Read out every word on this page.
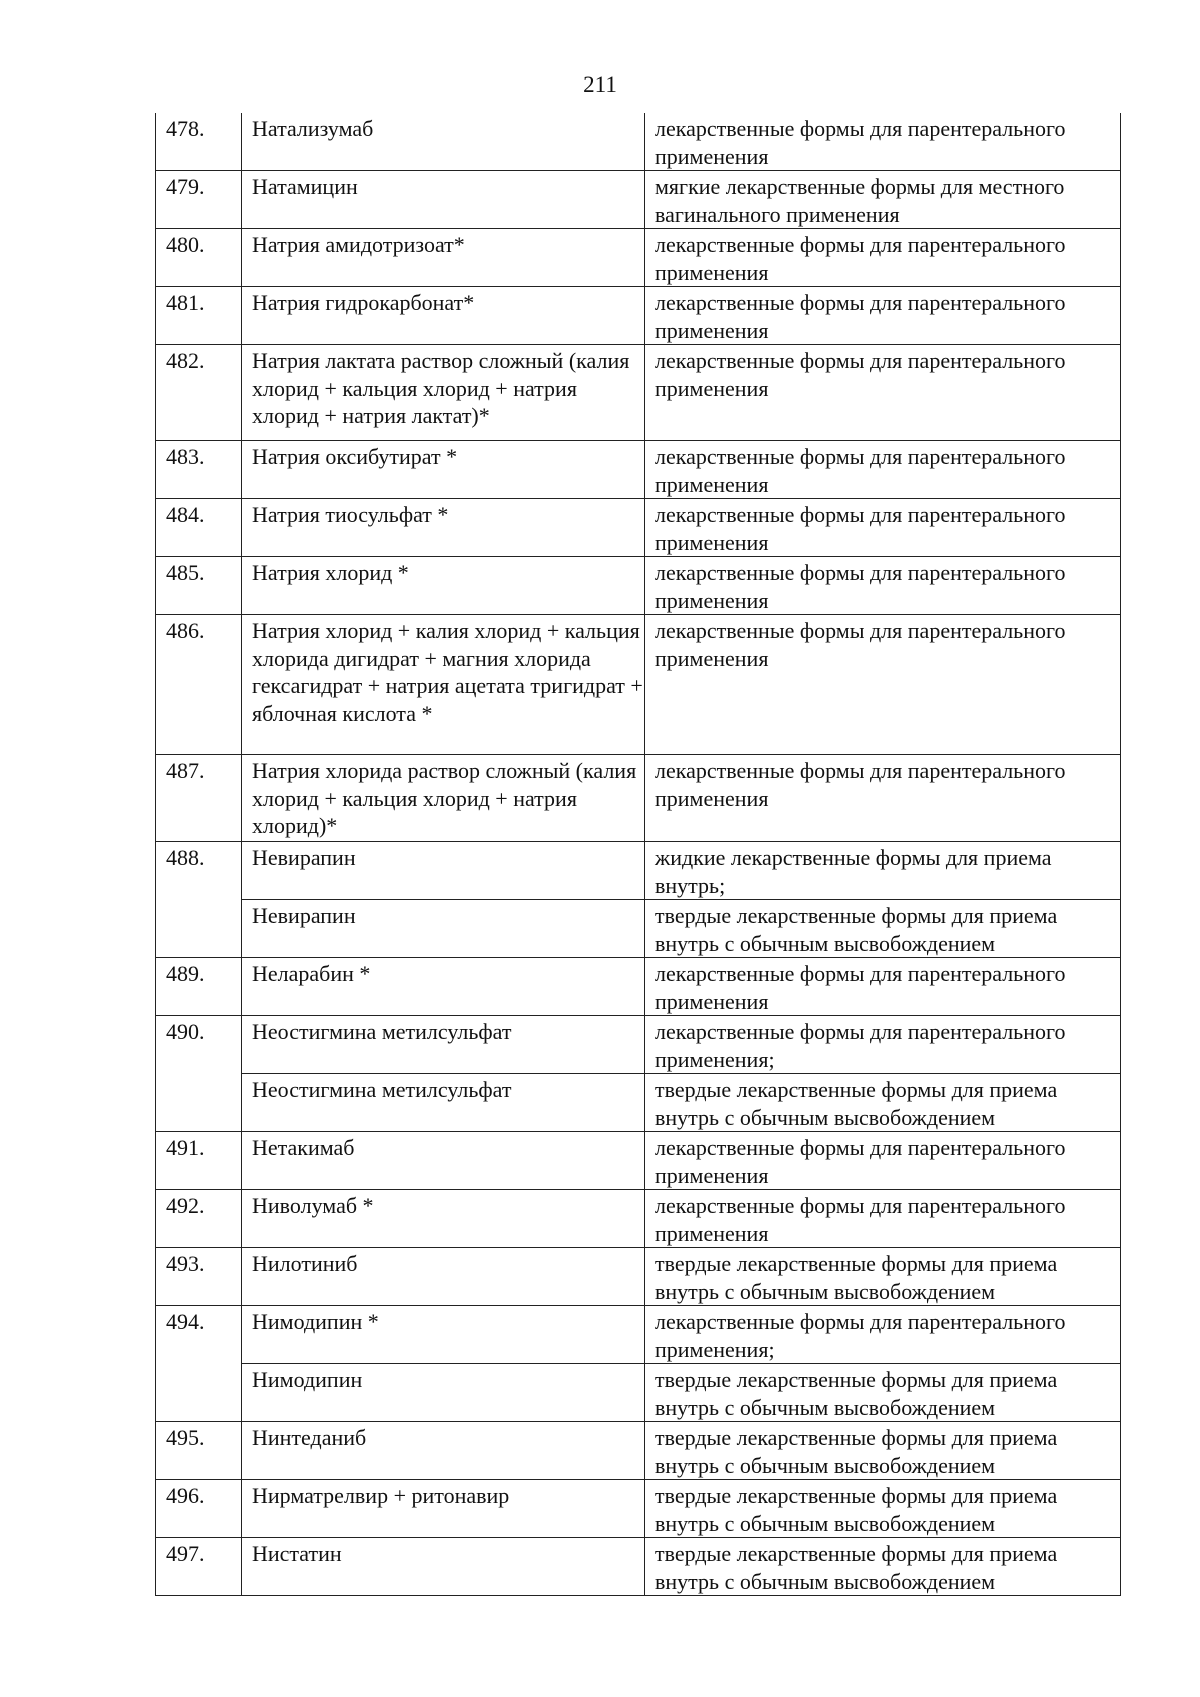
211
478.	Натализумаб	лекарственные формы для парентерального применения
479.	Натамицин	мягкие лекарственные формы для местного вагинального применения
480.	Натрия амидотризоат*	лекарственные формы для парентерального применения
481.	Натрия гидрокарбонат*	лекарственные формы для парентерального применения
482.	Натрия лактата раствор сложный (калия хлорид + кальция хлорид + натрия хлорид + натрия лактат)*	лекарственные формы для парентерального применения
483.	Натрия оксибутират *	лекарственные формы для парентерального применения
484.	Натрия тиосульфат *	лекарственные формы для парентерального применения
485.	Натрия хлорид *	лекарственные формы для парентерального применения
486.	Натрия хлорид + калия хлорид + кальция хлорида дигидрат + магния хлорида гексагидрат + натрия ацетата тригидрат + яблочная кислота *	лекарственные формы для парентерального применения
487.	Натрия хлорида раствор сложный (калия хлорид + кальция хлорид + натрия хлорид)*	лекарственные формы для парентерального применения
488.	Невирапин	жидкие лекарственные формы для приема внутрь;
	Невирапин	твердые лекарственные формы для приема внутрь с обычным высвобождением
489.	Неларабин *	лекарственные формы для парентерального применения
490.	Неостигмина метилсульфат	лекарственные формы для парентерального применения;
	Неостигмина метилсульфат	твердые лекарственные формы для приема внутрь с обычным высвобождением
491.	Нетакимаб	лекарственные формы для парентерального применения
492.	Ниволумаб *	лекарственные формы для парентерального применения
493.	Нилотиниб	твердые лекарственные формы для приема внутрь с обычным высвобождением
494.	Нимодипин *	лекарственные формы для парентерального применения;
	Нимодипин	твердые лекарственные формы для приема внутрь с обычным высвобождением
495.	Нинтеданиб	твердые лекарственные формы для приема внутрь с обычным высвобождением
496.	Нирматрелвир + ритонавир	твердые лекарственные формы для приема внутрь с обычным высвобождением
497.	Нистатин	твердые лекарственные формы для приема внутрь с обычным высвобождением
